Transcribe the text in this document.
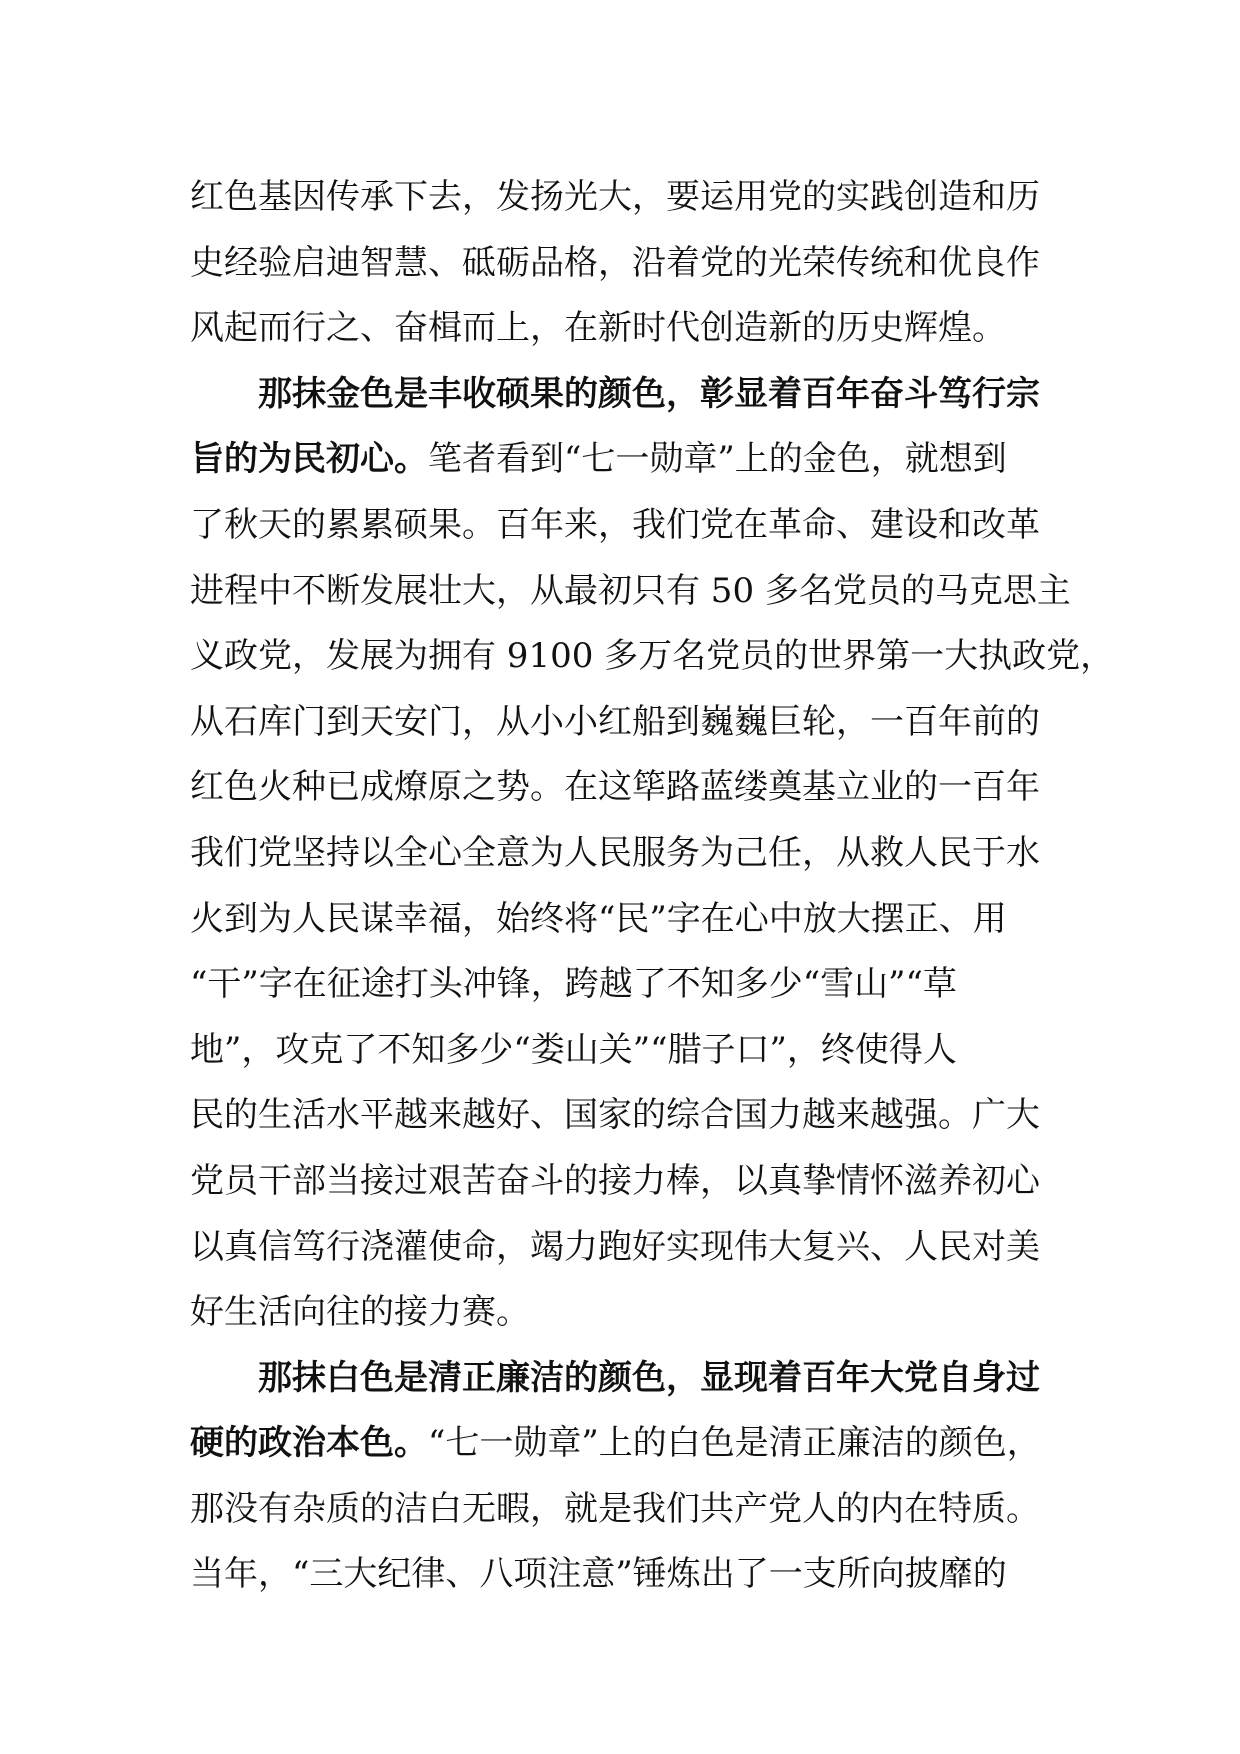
红色基因传承下去，发扬光大，要运用党的实践创造和历
史经验启迪智慧、砥砺品格，沿着党的光荣传统和优良作
风起而行之、奋楫而上，在新时代创造新的历史辉煌。
那抹金色是丰收硕果的颜色，彰显着百年奋斗笃行宗
旨的为民初心。笔者看到“七一勋章”上的金色，就想到
了秋天的累累硕果。百年来，我们党在革命、建设和改革
进程中不断发展壮大，从最初只有 50 多名党员的马克思主
义政党，发展为拥有 9100 多万名党员的世界第一大执政党，
从石库门到天安门，从小小红船到巍巍巨轮，一百年前的
红色火种已成燎原之势。在这筚路蓝缕奠基立业的一百年
我们党坚持以全心全意为人民服务为己任，从救人民于水
火到为人民谋幸福，始终将“民”字在心中放大摆正、用
“干”字在征途打头冲锋，跨越了不知多少“雪山”“草
地”，攻克了不知多少“娄山关”“腊子口”，终使得人
民的生活水平越来越好、国家的综合国力越来越强。广大
党员干部当接过艰苦奋斗的接力棒，以真挚情怀滋养初心
以真信笃行浇灌使命，竭力跑好实现伟大复兴、人民对美
好生活向往的接力赛。
那抹白色是清正廉洁的颜色，显现着百年大党自身过
硬的政治本色。“七一勋章”上的白色是清正廉洁的颜色，
那没有杂质的洁白无暇，就是我们共产党人的内在特质。
当年，“三大纪律、八项注意”锤炼出了一支所向披靡的
